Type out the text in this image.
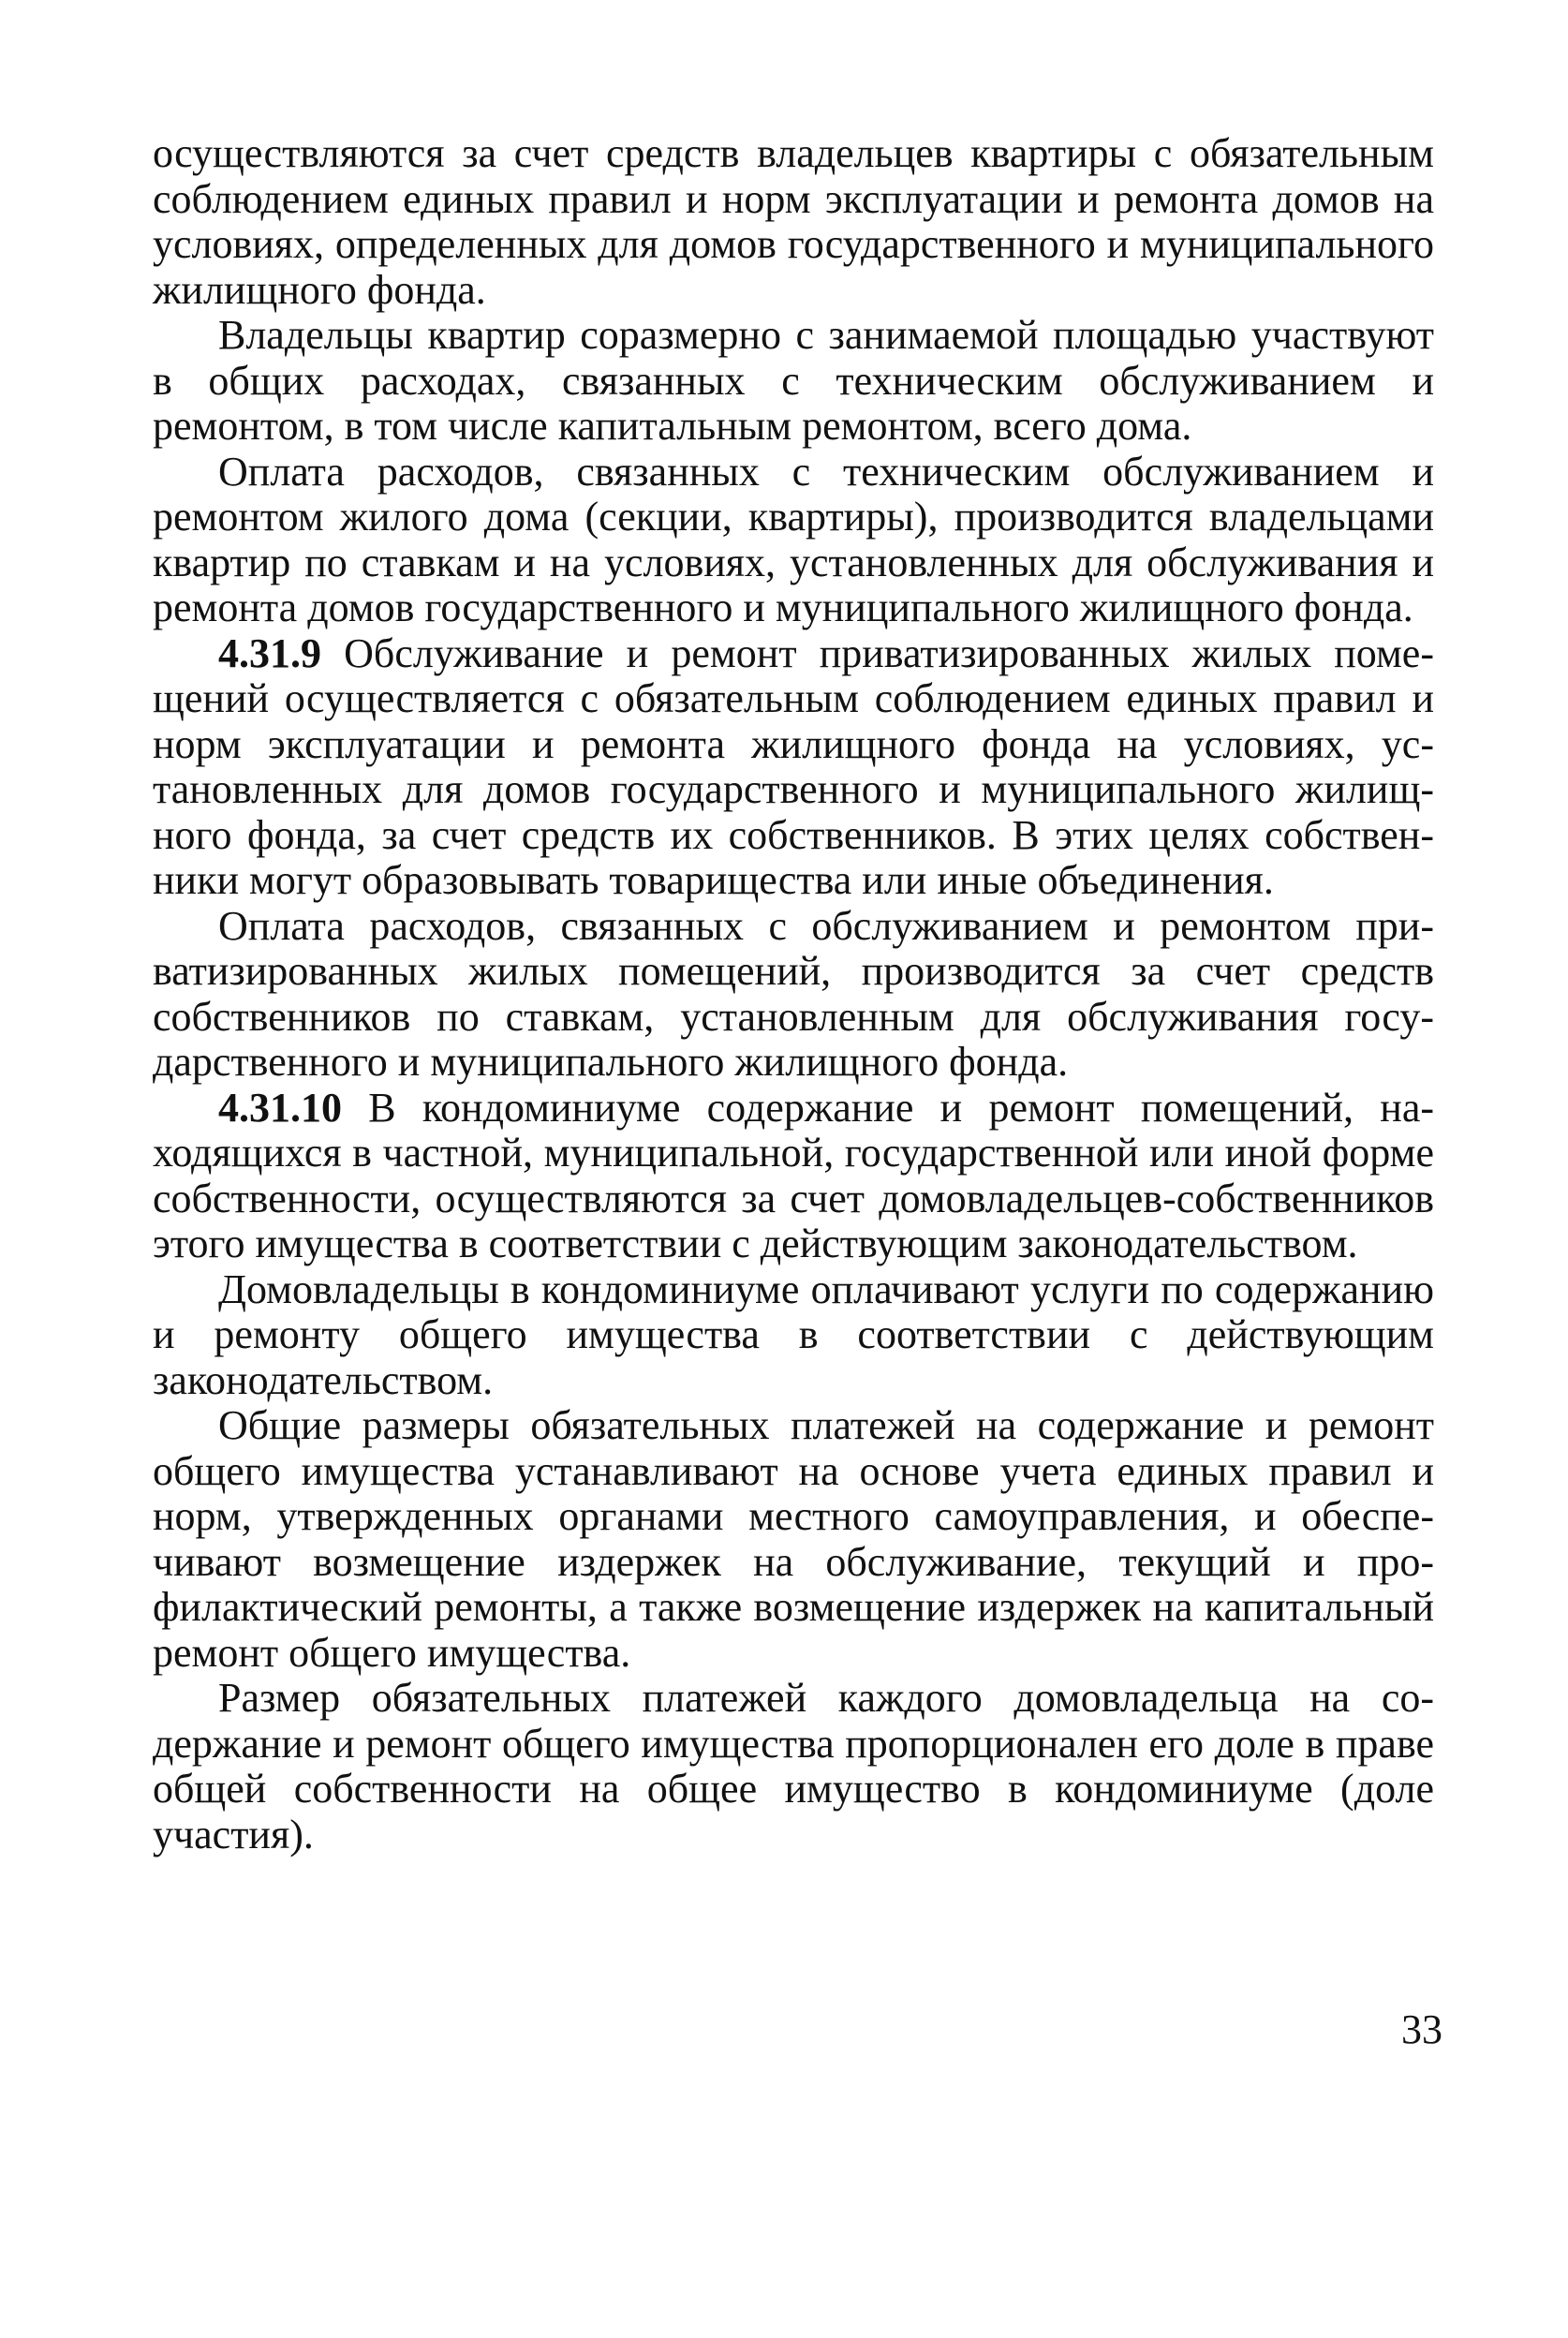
осуществляются за счет средств владельцев квартиры с обязательным соблюдением единых правил и норм эксплуатации и ремонта домов на условиях, определенных для домов государственного и муниципального жилищного фонда.

Владельцы квартир соразмерно с занимаемой площадью участвуют в общих расходах, связанных с техническим обслуживанием и ремонтом, в том числе капитальным ремонтом, всего дома.

Оплата расходов, связанных с техническим обслуживанием и ремонтом жилого дома (секции, квартиры), производится владельцами квартир по ставкам и на условиях, установленных для обслуживания и ремонта домов государственного и муниципального жилищного фонда.

4.31.9 Обслуживание и ремонт приватизированных жилых помещений осуществляется с обязательным соблюдением единых правил и норм эксплуатации и ремонта жилищного фонда на условиях, установленных для домов государственного и муниципального жилищного фонда, за счет средств их собственников. В этих целях собственники могут образовывать товарищества или иные объединения.

Оплата расходов, связанных с обслуживанием и ремонтом приватизированных жилых помещений, производится за счет средств собственников по ставкам, установленным для обслуживания государственного и муниципального жилищного фонда.

4.31.10 В кондоминиуме содержание и ремонт помещений, находящихся в частной, муниципальной, государственной или иной форме собственности, осуществляются за счет домовладельцев-собственников этого имущества в соответствии с действующим законодательством.

Домовладельцы в кондоминиуме оплачивают услуги по содержанию и ремонту общего имущества в соответствии с действующим законодательством.

Общие размеры обязательных платежей на содержание и ремонт общего имущества устанавливают на основе учета единых правил и норм, утвержденных органами местного самоуправления, и обеспечивают возмещение издержек на обслуживание, текущий и профилактический ремонты, а также возмещение издержек на капитальный ремонт общего имущества.

Размер обязательных платежей каждого домовладельца на содержание и ремонт общего имущества пропорционален его доле в праве общей собственности на общее имущество в кондоминиуме (доле участия).

33
